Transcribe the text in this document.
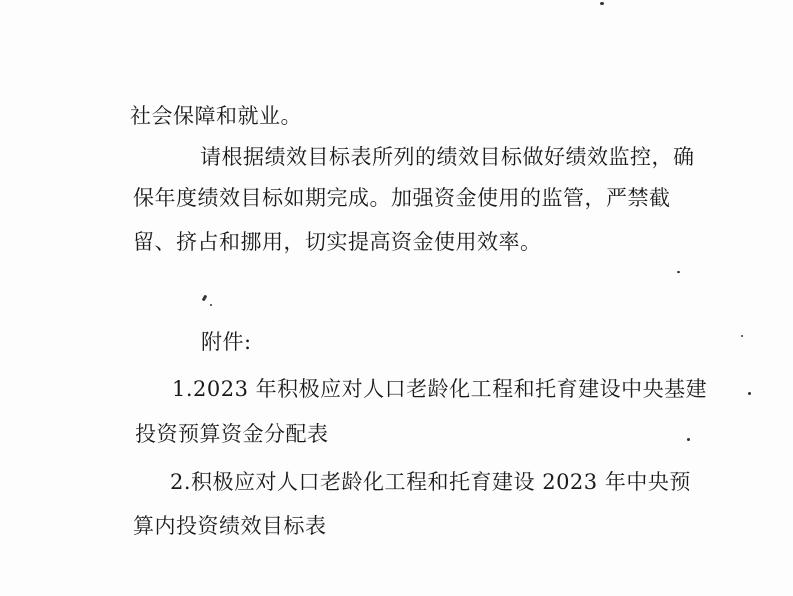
社会保障和就业。
请根据绩效目标表所列的绩效目标做好绩效监控，确
保年度绩效目标如期完成。加强资金使用的监管，严禁截
留、挤占和挪用，切实提高资金使用效率。
附件:
1.2023 年积极应对人口老龄化工程和托育建设中央基建
投资预算资金分配表
2.积极应对人口老龄化工程和托育建设 2023 年中央预
算内投资绩效目标表
